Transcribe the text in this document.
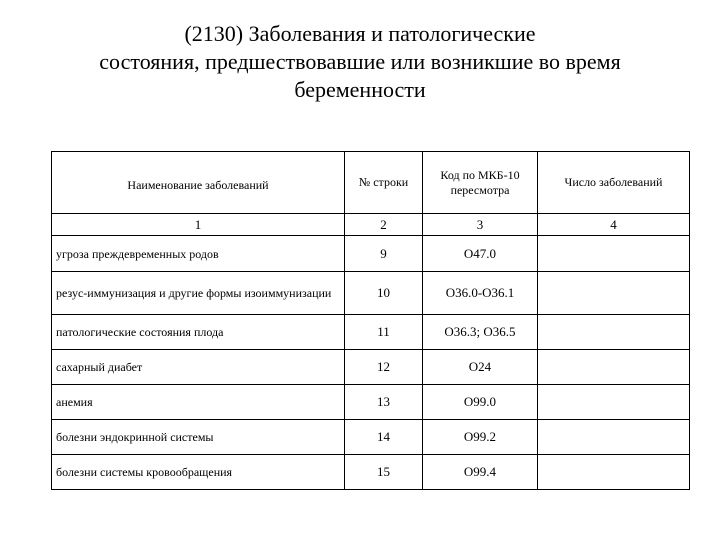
(2130) Заболевания и патологические
состояния, предшествовавшие или возникшие во время
беременности
Наименование заболеваний	№ строки	Код по МКБ-10 пересмотра	Число заболеваний
1	2	3	4
угроза преждевременных родов	9	O47.0	
резус-иммунизация и другие формы изоиммунизации	10	O36.0-O36.1	
патологические состояния плода	11	O36.3; O36.5	
сахарный диабет	12	O24	
анемия	13	O99.0	
болезни эндокринной системы	14	O99.2	
болезни системы кровообращения	15	O99.4	
